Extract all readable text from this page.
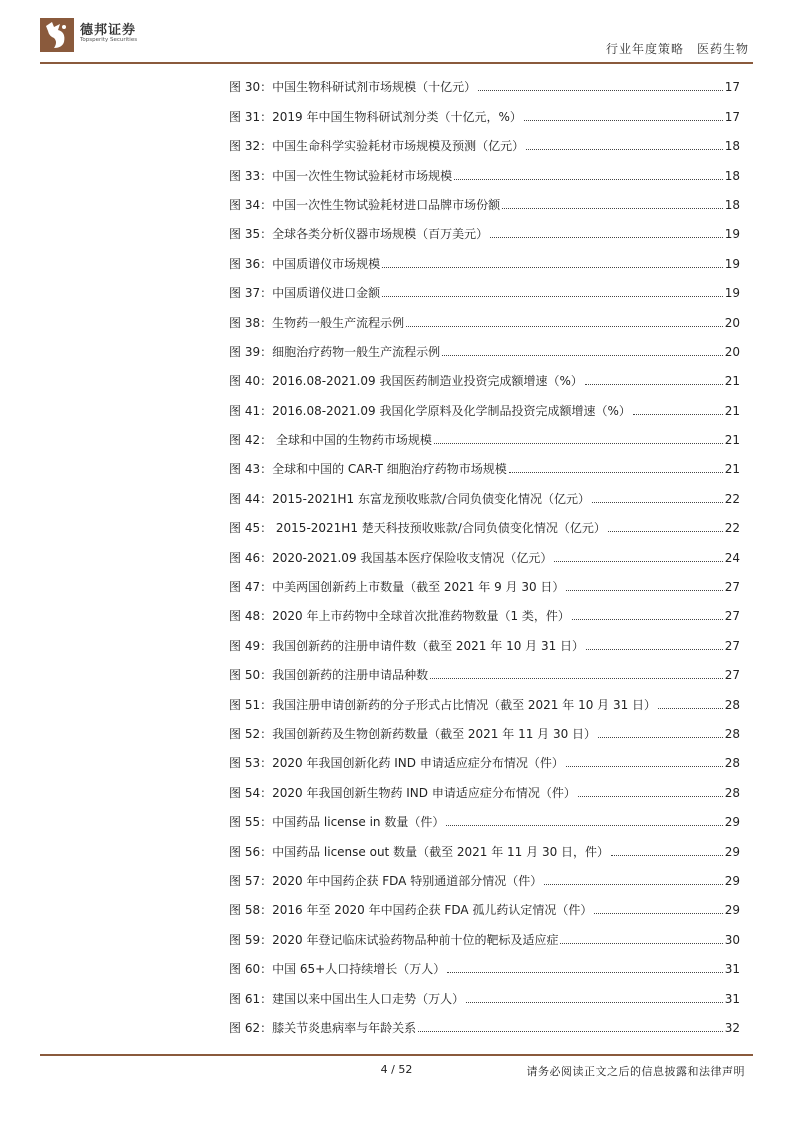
德邦证券
Topsperity Securities
行业年度策略　医药生物
图 30：中国生物科研试剂市场规模（十亿元）	17
图 31：2019 年中国生物科研试剂分类（十亿元，%）	17
图 32：中国生命科学实验耗材市场规模及预测（亿元）	18
图 33：中国一次性生物试验耗材市场规模	18
图 34：中国一次性生物试验耗材进口品牌市场份额	18
图 35：全球各类分析仪器市场规模（百万美元）	19
图 36：中国质谱仪市场规模	19
图 37：中国质谱仪进口金额	19
图 38：生物药一般生产流程示例	20
图 39：细胞治疗药物一般生产流程示例	20
图 40：2016.08-2021.09 我国医药制造业投资完成额增速（%）	21
图 41：2016.08-2021.09 我国化学原料及化学制品投资完成额增速（%）	21
图 42： 全球和中国的生物药市场规模	21
图 43：全球和中国的 CAR-T 细胞治疗药物市场规模	21
图 44：2015-2021H1 东富龙预收账款/合同负债变化情况（亿元）	22
图 45： 2015-2021H1 楚天科技预收账款/合同负债变化情况（亿元）	22
图 46：2020-2021.09 我国基本医疗保险收支情况（亿元）	24
图 47：中美两国创新药上市数量（截至 2021 年 9 月 30 日）	27
图 48：2020 年上市药物中全球首次批准药物数量（1 类，件）	27
图 49：我国创新药的注册申请件数（截至 2021 年 10 月 31 日）	27
图 50：我国创新药的注册申请品种数	27
图 51：我国注册申请创新药的分子形式占比情况（截至 2021 年 10 月 31 日）	28
图 52：我国创新药及生物创新药数量（截至 2021 年 11 月 30 日）	28
图 53：2020 年我国创新化药 IND 申请适应症分布情况（件）	28
图 54：2020 年我国创新生物药 IND 申请适应症分布情况（件）	28
图 55：中国药品 license in 数量（件）	29
图 56：中国药品 license out 数量（截至 2021 年 11 月 30 日，件）	29
图 57：2020 年中国药企获 FDA 特别通道部分情况（件）	29
图 58：2016 年至 2020 年中国药企获 FDA 孤儿药认定情况（件）	29
图 59：2020 年登记临床试验药物品种前十位的靶标及适应症	30
图 60：中国 65+人口持续增长（万人）	31
图 61：建国以来中国出生人口走势（万人）	31
图 62：膝关节炎患病率与年龄关系	32
4 / 52	请务必阅读正文之后的信息披露和法律声明
